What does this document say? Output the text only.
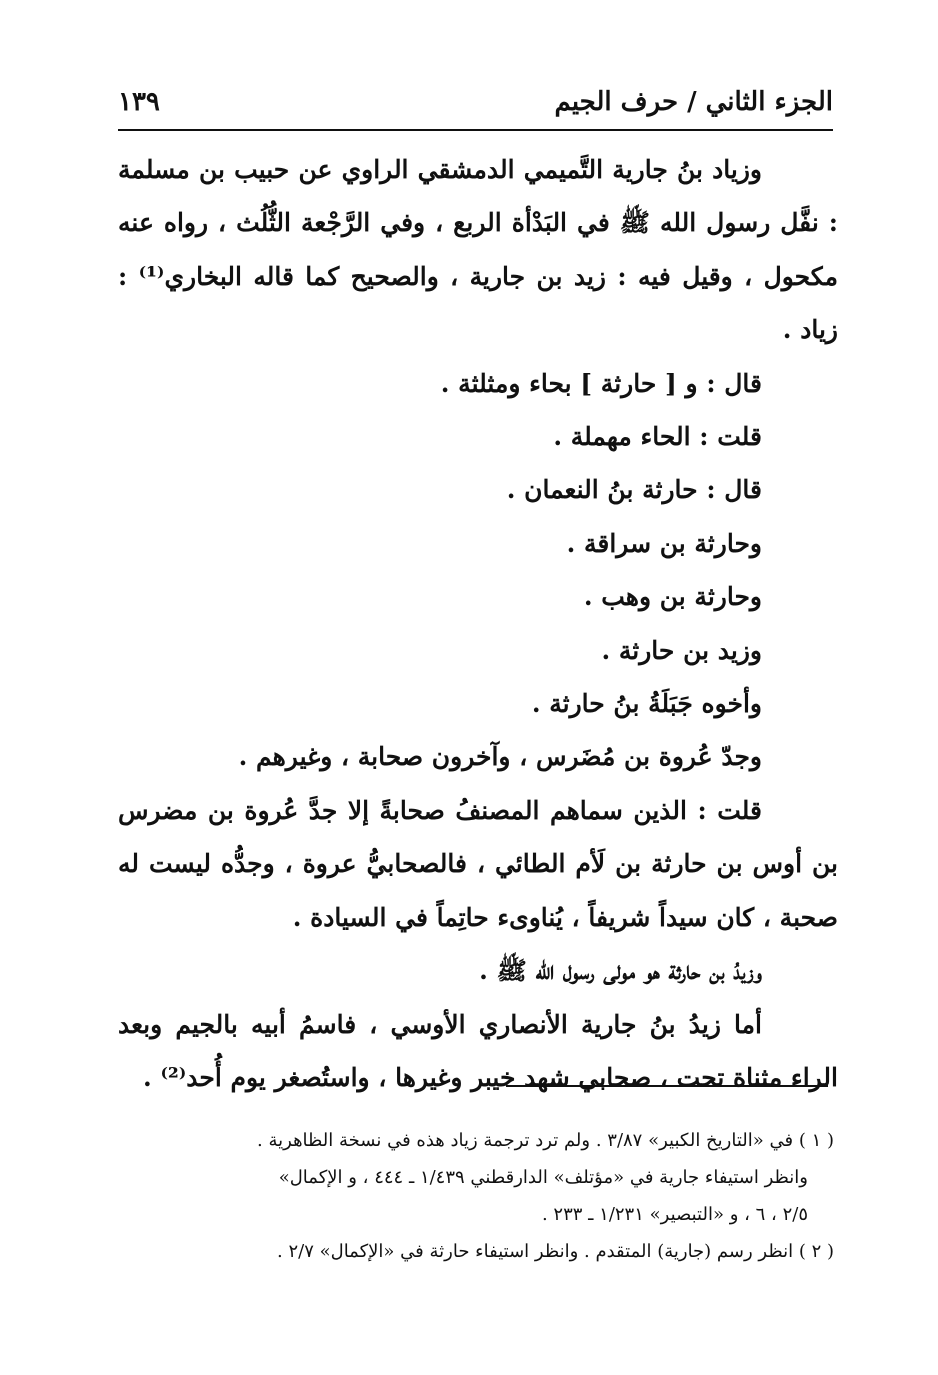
الجزء الثاني / حرف الجيم
١٣٩

وزياد بنُ جارية التَّميمي الدمشقي الراوي عن حبيب بن مسلمة : نفَّل رسول الله ﷺ في البَدْأة الربع ، وفي الرَّجْعة الثُّلُث ، رواه عنه مكحول ، وقيل فيه : زيد بن جارية ، والصحيح كما قاله البخاري⁽¹⁾ : زياد .

قال : و [ حارثة ] بحاء ومثلثة .

قلت : الحاء مهملة .

قال : حارثة بنُ النعمان .

وحارثة بن سراقة .

وحارثة بن وهب .

وزيد بن حارثة .

وأخوه جَبَلَةُ بنُ حارثة .

وجدّ عُروة بن مُضَرس ، وآخرون صحابة ، وغيرهم .

قلت : الذين سماهم المصنفُ صحابةً إلا جدَّ عُروة بن مضرس بن أوس بن حارثة بن لَأم الطائي ، فالصحابيُّ عروة ، وجدُّه ليست له صحبة ، كان سيداً شريفاً ، يُناوىء حاتِماً في السيادة .

وزيدُ بن حارثة هو مولى رسول الله ﷺ .

أما زيدُ بنُ جارية الأنصاري الأوسي ، فاسمُ أبيه بالجيم وبعد الراء مثناة تحت ، صحابي شهد خيبر وغيرها ، واستُصغر يوم أُحد⁽²⁾ .

( ١ ) في «التاريخ الكبير» ٣/٨٧ . ولم ترد ترجمة زياد هذه في نسخة الظاهرية .

وانظر استيفاء جارية في «مؤتلف» الدارقطني ١/٤٣٩ ـ ٤٤٤ ، و الإكمال»

٢/٥ ، ٦ ، و «التبصير» ١/٢٣١ ـ ٢٣٣ .

( ٢ ) انظر رسم (جارية) المتقدم . وانظر استيفاء حارثة في «الإكمال» ٢/٧ .
